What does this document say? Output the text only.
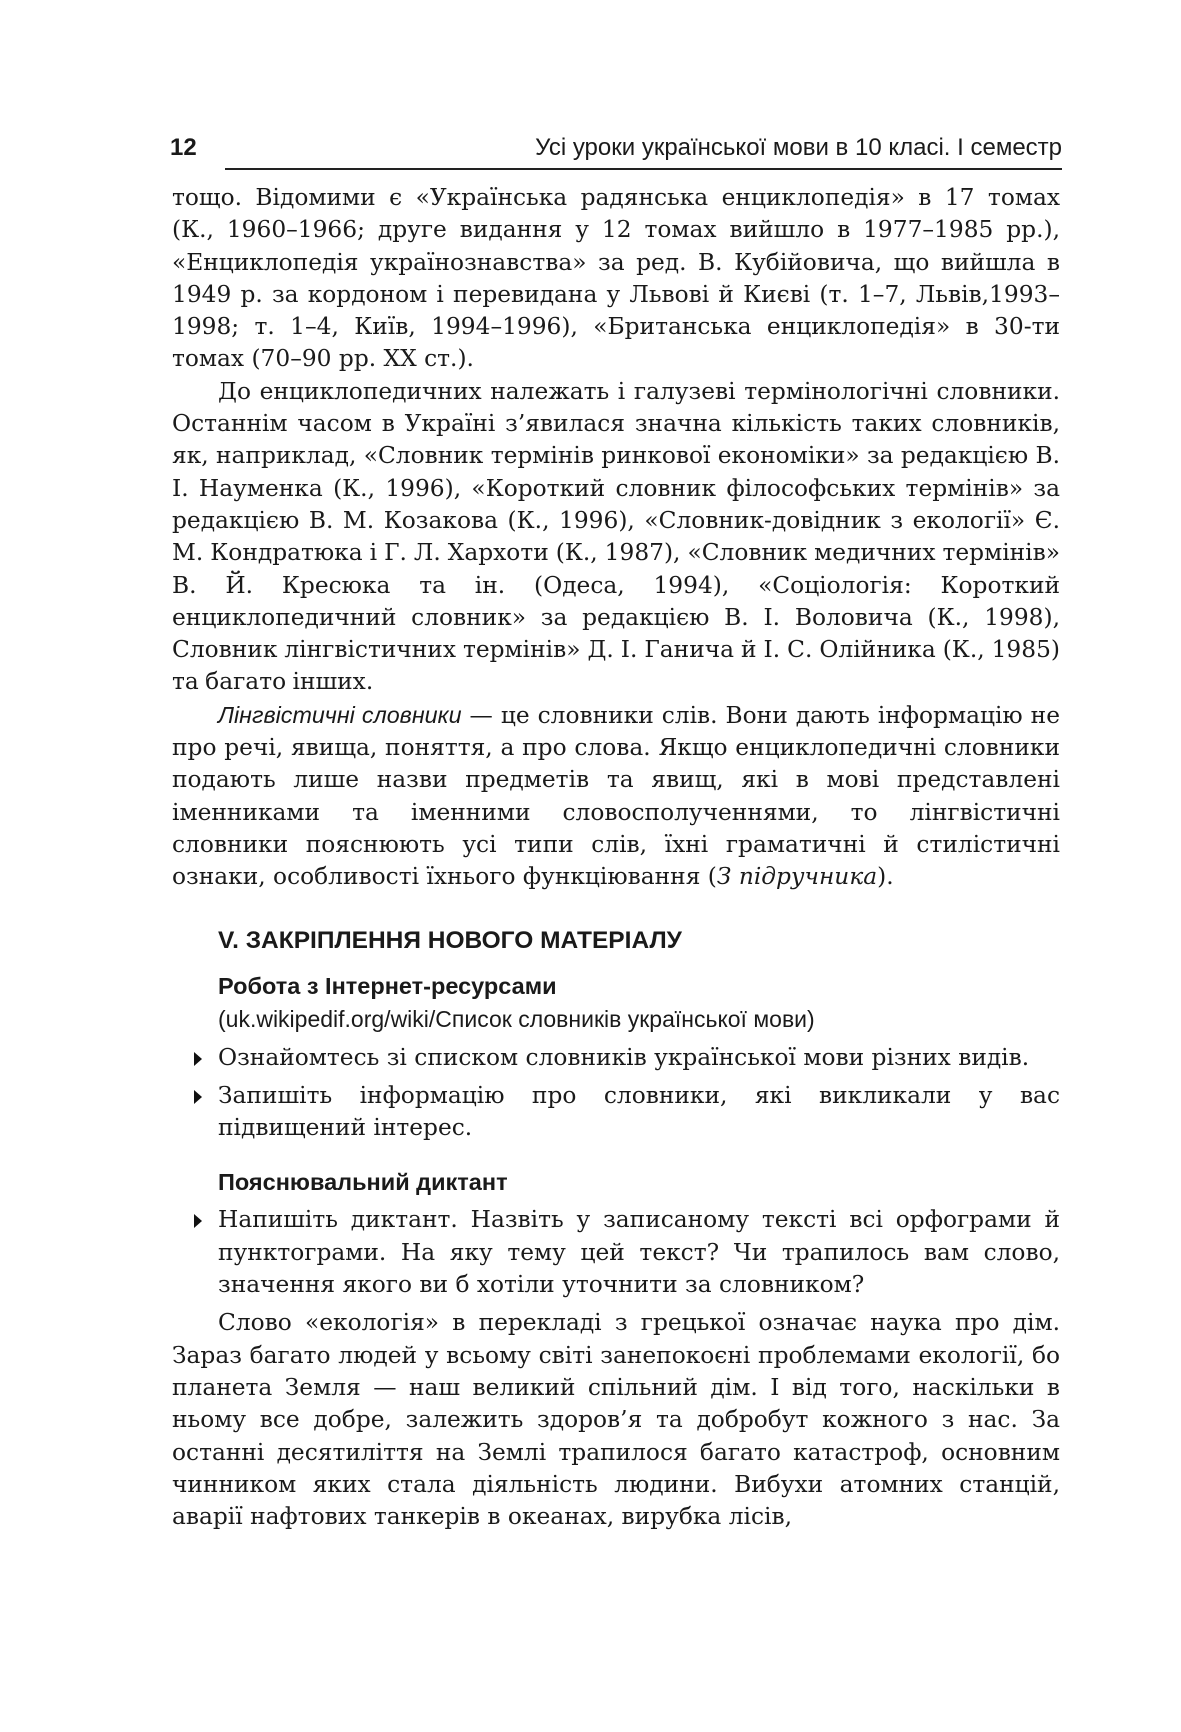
12	Усі уроки української мови в 10 класі. І семестр

тощо. Відомими є «Українська радянська енциклопедія» в 17 томах (К., 1960–1966; друге видання у 12 томах вийшло в 1977–1985 рр.), «Енциклопедія українознавства» за ред. В. Кубійовича, що вийшла в 1949 р. за кордоном і перевидана у Львові й Києві (т. 1–7, Львів,1993–1998; т. 1–4, Київ, 1994–1996), «Британська енциклопедія» в 30-ти томах (70–90 рр. ХХ ст.).

До енциклопедичних належать і галузеві термінологічні словники. Останнім часом в Україні з’явилася значна кількість таких словників, як, наприклад, «Словник термінів ринкової економіки» за редакцією В. І. Науменка (К., 1996), «Короткий словник філософських термінів» за редакцією В. М. Козакова (К., 1996), «Словник-довідник з екології» Є. М. Кондратюка і Г. Л. Хархоти (К., 1987), «Словник медичних термінів» В. Й. Кресюка та ін. (Одеса, 1994), «Соціологія: Короткий енциклопедичний словник» за редакцією В. І. Воловича (К., 1998), Словник лінгвістичних термінів» Д. І. Ганича й І. С. Олійника (К., 1985) та багато інших.

Лінгвістичні словники — це словники слів. Вони дають інформацію не про речі, явища, поняття, а про слова. Якщо енциклопедичні словники подають лише назви предметів та явищ, які в мові представлені іменниками та іменними словосполученнями, то лінгвістичні словники пояснюють усі типи слів, їхні граматичні й стилістичні ознаки, особливості їхнього функціювання (З підручника).

V. ЗАКРІПЛЕННЯ НОВОГО МАТЕРІАЛУ
Робота з Інтернет-ресурсами
(uk.wikipedif.org/wiki/Список словників української мови)
Ознайомтесь зі списком словників української мови різних видів.
Запишіть інформацію про словники, які викликали у вас підвищений інтерес.
Пояснювальний диктант
Напишіть диктант. Назвіть у записаному тексті всі орфограми й пунктограми. На яку тему цей текст? Чи трапилось вам слово, значення якого ви б хотіли уточнити за словником?

Слово «екологія» в перекладі з грецької означає наука про дім. Зараз багато людей у всьому світі занепокоєні проблемами екології, бо планета Земля — наш великий спільний дім. І від того, наскільки в ньому все добре, залежить здоров’я та добробут кожного з нас. За останні десятиліття на Землі трапилося багато катастроф, основним чинником яких стала діяльність людини. Вибухи атомних станцій, аварії нафтових танкерів в океанах, вирубка лісів,
